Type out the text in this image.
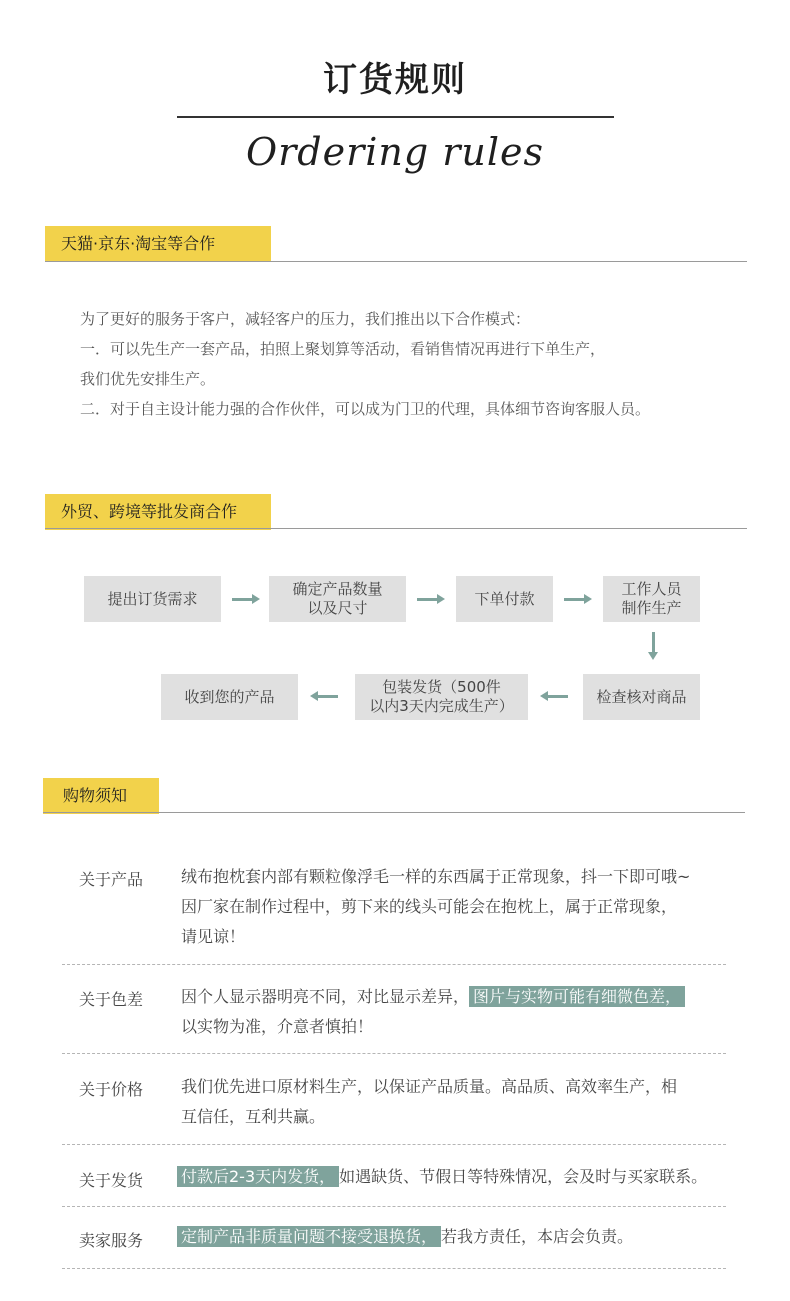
订货规则
Ordering rules
天猫·京东·淘宝等合作
为了更好的服务于客户，减轻客户的压力，我们推出以下合作模式：
一．可以先生产一套产品，拍照上聚划算等活动，看销售情况再进行下单生产，
我们优先安排生产。
二．对于自主设计能力强的合作伙伴，可以成为门卫的代理，具体细节咨询客服人员。
外贸、跨境等批发商合作
提出订货需求
确定产品数量
以及尺寸
下单付款
工作人员
制作生产
收到您的产品
包装发货（500件
以内3天内完成生产）
检查核对商品
购物须知
关于产品 绒布抱枕套内部有颗粒像浮毛一样的东西属于正常现象，抖一下即可哦~
因厂家在制作过程中，剪下来的线头可能会在抱枕上，属于正常现象，
请见谅！
关于色差 因个人显示器明亮不同，对比显示差异， 图片与实物可能有细微色差，
以实物为准，介意者慎拍！
关于价格 我们优先进口原材料生产，以保证产品质量。高品质、高效率生产，相
互信任，互利共赢。
关于发货 付款后2-3天内发货， 如遇缺货、节假日等特殊情况，会及时与买家联系。
卖家服务 定制产品非质量问题不接受退换货， 若我方责任，本店会负责。
